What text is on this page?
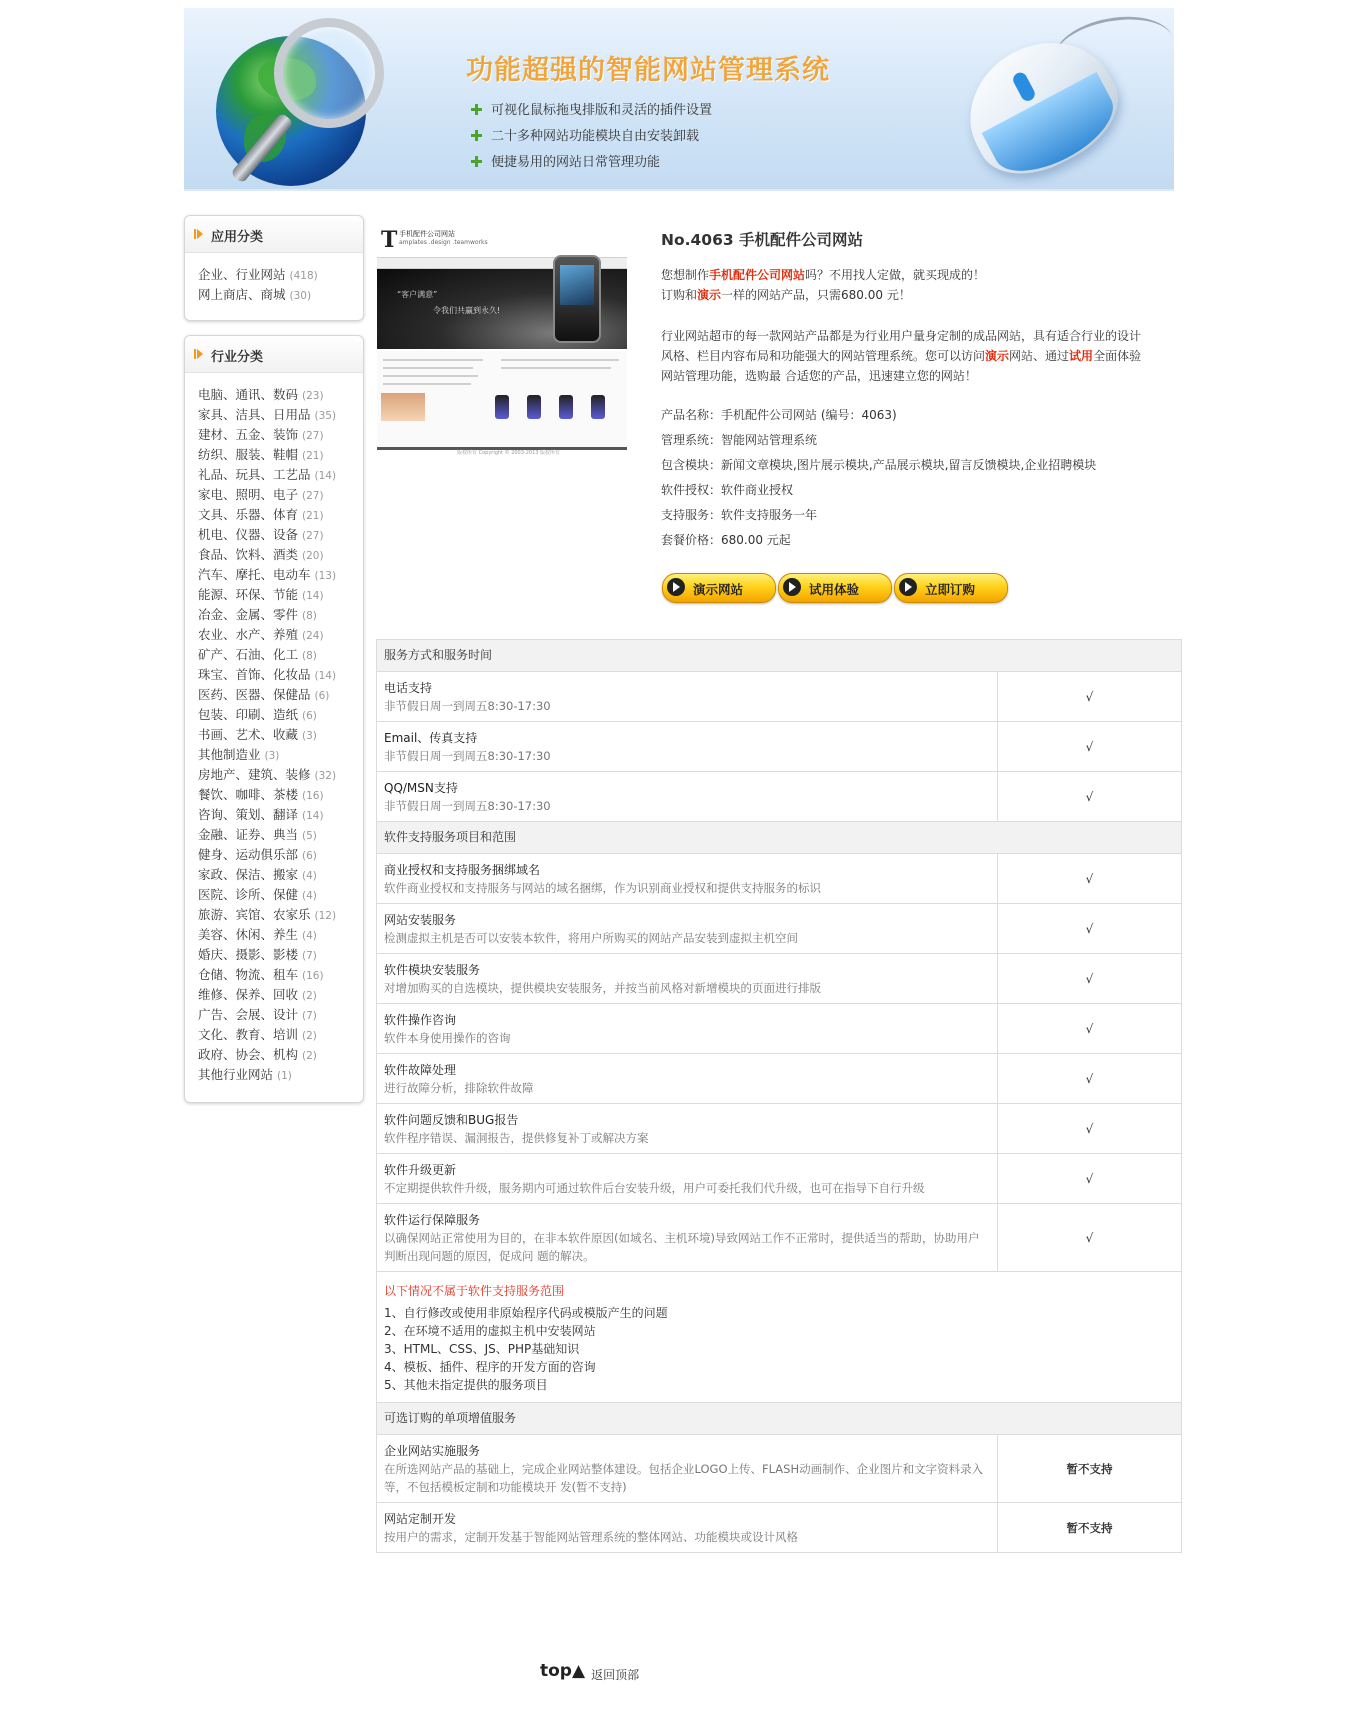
功能超强的智能网站管理系统
可视化鼠标拖曳排版和灵活的插件设置
二十多种网站功能模块自由安装卸载
便捷易用的网站日常管理功能
应用分类
企业、行业网站 (418)
网上商店、商城 (30)
行业分类
电脑、通讯、数码 (23)
家具、洁具、日用品 (35)
建材、五金、装饰 (27)
纺织、服装、鞋帽 (21)
礼品、玩具、工艺品 (14)
家电、照明、电子 (27)
文具、乐器、体育 (21)
机电、仪器、设备 (27)
食品、饮料、酒类 (20)
汽车、摩托、电动车 (13)
能源、环保、节能 (14)
冶金、金属、零件 (8)
农业、水产、养殖 (24)
矿产、石油、化工 (8)
珠宝、首饰、化妆品 (14)
医药、医器、保健品 (6)
包装、印刷、造纸 (6)
书画、艺术、收藏 (3)
其他制造业 (3)
房地产、建筑、装修 (32)
餐饮、咖啡、茶楼 (16)
咨询、策划、翻译 (14)
金融、证券、典当 (5)
健身、运动俱乐部 (6)
家政、保洁、搬家 (4)
医院、诊所、保健 (4)
旅游、宾馆、农家乐 (12)
美容、休闲、养生 (4)
婚庆、摄影、影楼 (7)
仓储、物流、租车 (16)
维修、保养、回收 (2)
广告、会展、设计 (7)
文化、教育、培训 (2)
政府、协会、机构 (2)
其他行业网站 (1)
T 手机配件公司网站
amplates .design .teamworks
“客户满意”
令我们共赢到永久!
版权所有 Copyright © 2003-2013 版权所有
No.4063 手机配件公司网站
您想制作手机配件公司网站吗？不用找人定做，就买现成的！
订购和演示一样的网站产品，只需680.00 元！
行业网站超市的每一款网站产品都是为行业用户量身定制的成品网站，具有适合行业的设计风格、栏目内容布局和功能强大的网站管理系统。您可以访问演示网站、通过试用全面体验网站管理功能，选购最 合适您的产品，迅速建立您的网站！
产品名称：手机配件公司网站 (编号：4063)
管理系统：智能网站管理系统
包含模块：新闻文章模块,图片展示模块,产品展示模块,留言反馈模块,企业招聘模块
软件授权：软件商业授权
支持服务：软件支持服务一年
套餐价格：680.00 元起
演示网站	试用体验	立即订购
服务方式和服务时间
电话支持
非节假日周一到周五8:30-17:30
√
Email、传真支持
非节假日周一到周五8:30-17:30
√
QQ/MSN支持
非节假日周一到周五8:30-17:30
√
软件支持服务项目和范围
商业授权和支持服务捆绑域名
软件商业授权和支持服务与网站的域名捆绑，作为识别商业授权和提供支持服务的标识
√
网站安装服务
检测虚拟主机是否可以安装本软件，将用户所购买的网站产品安装到虚拟主机空间
√
软件模块安装服务
对增加购买的自选模块，提供模块安装服务，并按当前风格对新增模块的页面进行排版
√
软件操作咨询
软件本身使用操作的咨询
√
软件故障处理
进行故障分析，排除软件故障
√
软件问题反馈和BUG报告
软件程序错误、漏洞报告，提供修复补丁或解决方案
√
软件升级更新
不定期提供软件升级，服务期内可通过软件后台安装升级，用户可委托我们代升级，也可在指导下自行升级
√
软件运行保障服务
以确保网站正常使用为目的，在非本软件原因(如域名、主机环境)导致网站工作不正常时，提供适当的帮助，协助用户判断出现问题的原因，促成问 题的解决。
√
以下情况不属于软件支持服务范围
1、自行修改或使用非原始程序代码或模版产生的问题
2、在环境不适用的虚拟主机中安装网站
3、HTML、CSS、JS、PHP基础知识
4、模板、插件、程序的开发方面的咨询
5、其他未指定提供的服务项目
可选订购的单项增值服务
企业网站实施服务
在所选网站产品的基础上，完成企业网站整体建设。包括企业LOGO上传、FLASH动画制作、企业图片和文字资料录入等，不包括模板定制和功能模块开 发(暂不支持)
暂不支持
网站定制开发
按用户的需求，定制开发基于智能网站管理系统的整体网站、功能模块或设计风格
暂不支持
top▲ 返回顶部
